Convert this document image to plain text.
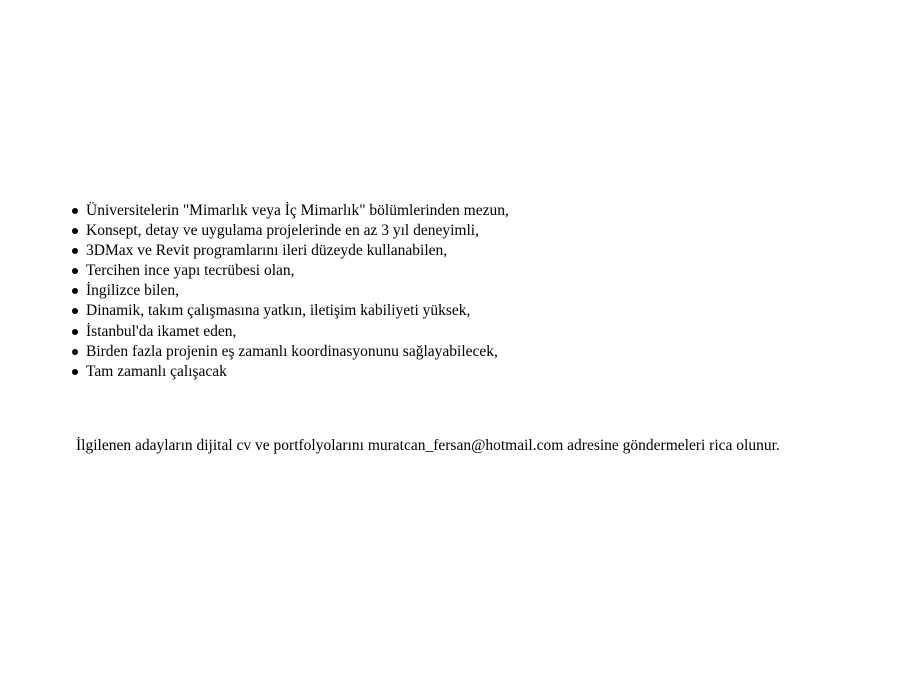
Üniversitelerin "Mimarlık veya İç Mimarlık" bölümlerinden mezun,
Konsept, detay ve uygulama projelerinde en az 3 yıl deneyimli,
3DMax ve Revit programlarını ileri düzeyde kullanabilen,
Tercihen ince yapı tecrübesi olan,
İngilizce bilen,
Dinamik, takım çalışmasına yatkın, iletişim kabiliyeti yüksek,
İstanbul'da ikamet eden,
Birden fazla projenin eş zamanlı koordinasyonunu sağlayabilecek,
Tam zamanlı çalışacak

İlgilenen adayların dijital cv ve portfolyolarını muratcan_fersan@hotmail.com adresine göndermeleri rica olunur.
